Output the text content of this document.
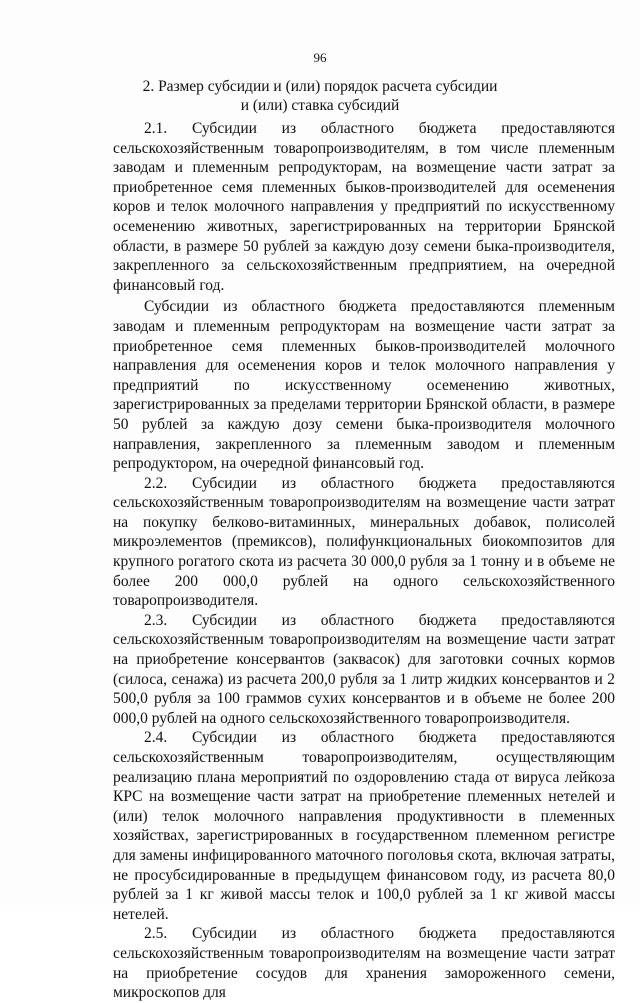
96
2. Размер субсидии и (или) порядок расчета субсидии
и (или) ставка субсидий

2.1. Субсидии из областного бюджета предоставляются сельскохозяйственным товаропроизводителям, в том числе племенным заводам и племенным репродукторам, на возмещение части затрат за приобретенное семя племенных быков-производителей для осеменения коров и телок молочного направления у предприятий по искусственному осеменению животных, зарегистрированных на территории Брянской области, в размере 50 рублей за каждую дозу семени быка-производителя, закрепленного за сельскохозяйственным предприятием, на очередной финансовый год.

Субсидии из областного бюджета предоставляются племенным заводам и племенным репродукторам на возмещение части затрат за приобретенное семя племенных быков-производителей молочного направления для осеменения коров и телок молочного направления у предприятий по искусственному осеменению животных, зарегистрированных за пределами территории Брянской области, в размере 50 рублей за каждую дозу семени быка-производителя молочного направления, закрепленного за племенным заводом и племенным репродуктором, на очередной финансовый год.

2.2. Субсидии из областного бюджета предоставляются сельскохозяйственным товаропроизводителям на возмещение части затрат на покупку белково-витаминных, минеральных добавок, полисолей микроэлементов (премиксов), полифункциональных биокомпозитов для крупного рогатого скота из расчета 30 000,0 рубля за 1 тонну и в объеме не более 200 000,0 рублей на одного сельскохозяйственного товаропроизводителя.

2.3. Субсидии из областного бюджета предоставляются сельскохозяйственным товаропроизводителям на возмещение части затрат на приобретение консервантов (заквасок) для заготовки сочных кормов (силоса, сенажа) из расчета 200,0 рубля за 1 литр жидких консервантов и 2 500,0 рубля за 100 граммов сухих консервантов и в объеме не более 200 000,0 рублей на одного сельскохозяйственного товаропроизводителя.

2.4. Субсидии из областного бюджета предоставляются сельскохозяйственным товаропроизводителям, осуществляющим реализацию плана мероприятий по оздоровлению стада от вируса лейкоза КРС на возмещение части затрат на приобретение племенных нетелей и (или) телок молочного направления продуктивности в племенных хозяйствах, зарегистрированных в государственном племенном регистре для замены инфицированного маточного поголовья скота, включая затраты, не просубсидированные в предыдущем финансовом году, из расчета 80,0 рублей за 1 кг живой массы телок и 100,0 рублей за 1 кг живой массы нетелей.

2.5. Субсидии из областного бюджета предоставляются сельскохозяйственным товаропроизводителям на возмещение части затрат на приобретение сосудов для хранения замороженного семени, микроскопов для
